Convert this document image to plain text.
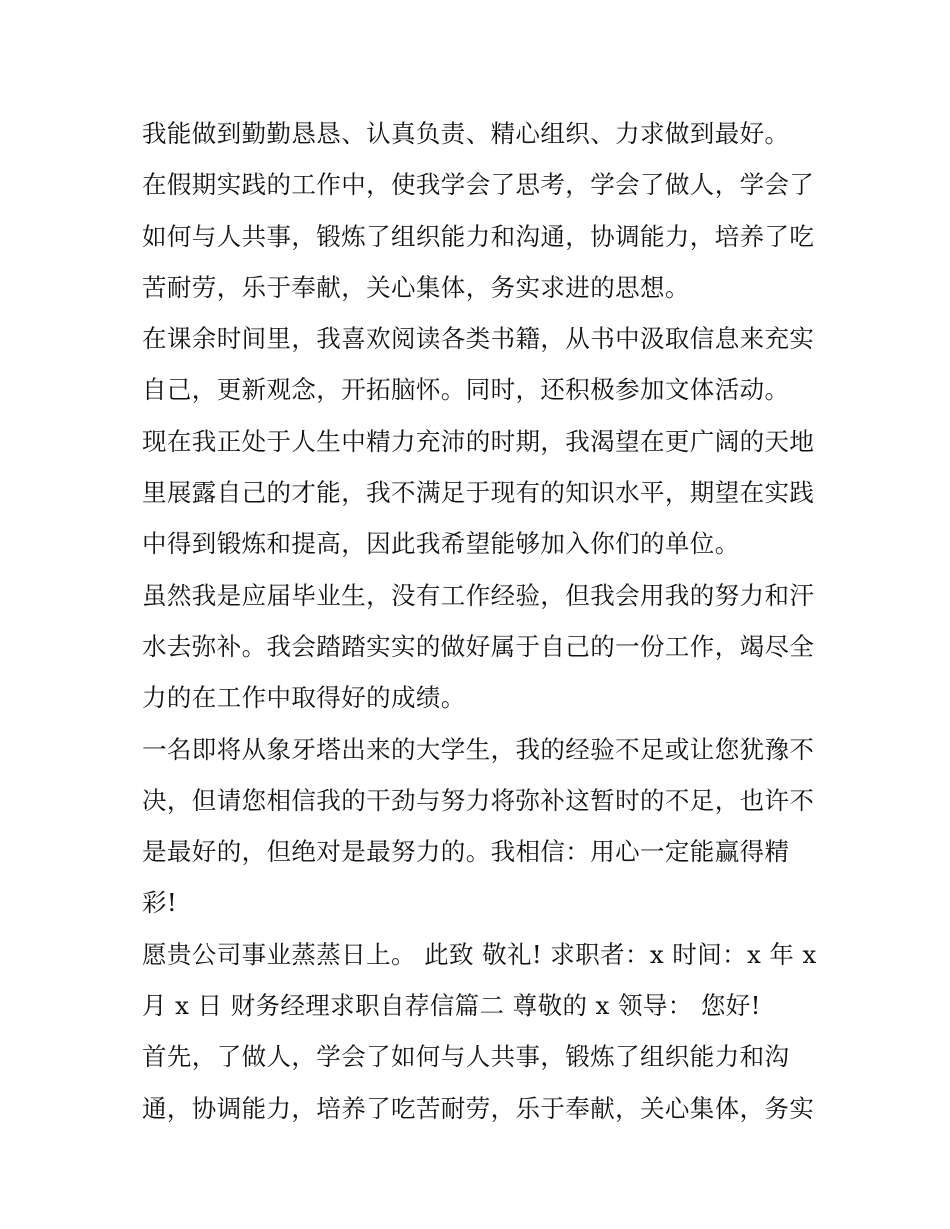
我能做到勤勤恳恳、认真负责、精心组织、力求做到最好。

在假期实践的工作中，使我学会了思考，学会了做人，学会了如何与人共事，锻炼了组织能力和沟通，协调能力，培养了吃苦耐劳，乐于奉献，关心集体，务实求进的思想。

在课余时间里，我喜欢阅读各类书籍，从书中汲取信息来充实自己，更新观念，开拓脑怀。同时，还积极参加文体活动。

现在我正处于人生中精力充沛的时期，我渴望在更广阔的天地里展露自己的才能，我不满足于现有的知识水平，期望在实践中得到锻炼和提高，因此我希望能够加入你们的单位。

虽然我是应届毕业生，没有工作经验，但我会用我的努力和汗水去弥补。我会踏踏实实的做好属于自己的一份工作，竭尽全力的在工作中取得好的成绩。

一名即将从象牙塔出来的大学生，我的经验不足或让您犹豫不决，但请您相信我的干劲与努力将弥补这暂时的不足，也许不是最好的，但绝对是最努力的。我相信：用心一定能赢得精彩!

愿贵公司事业蒸蒸日上。 此致 敬礼! 求职者：x 时间：x 年 x 月 x 日 财务经理求职自荐信篇二 尊敬的 x 领导： 您好!

首先，了做人，学会了如何与人共事，锻炼了组织能力和沟通，协调能力，培养了吃苦耐劳，乐于奉献，关心集体，务实
